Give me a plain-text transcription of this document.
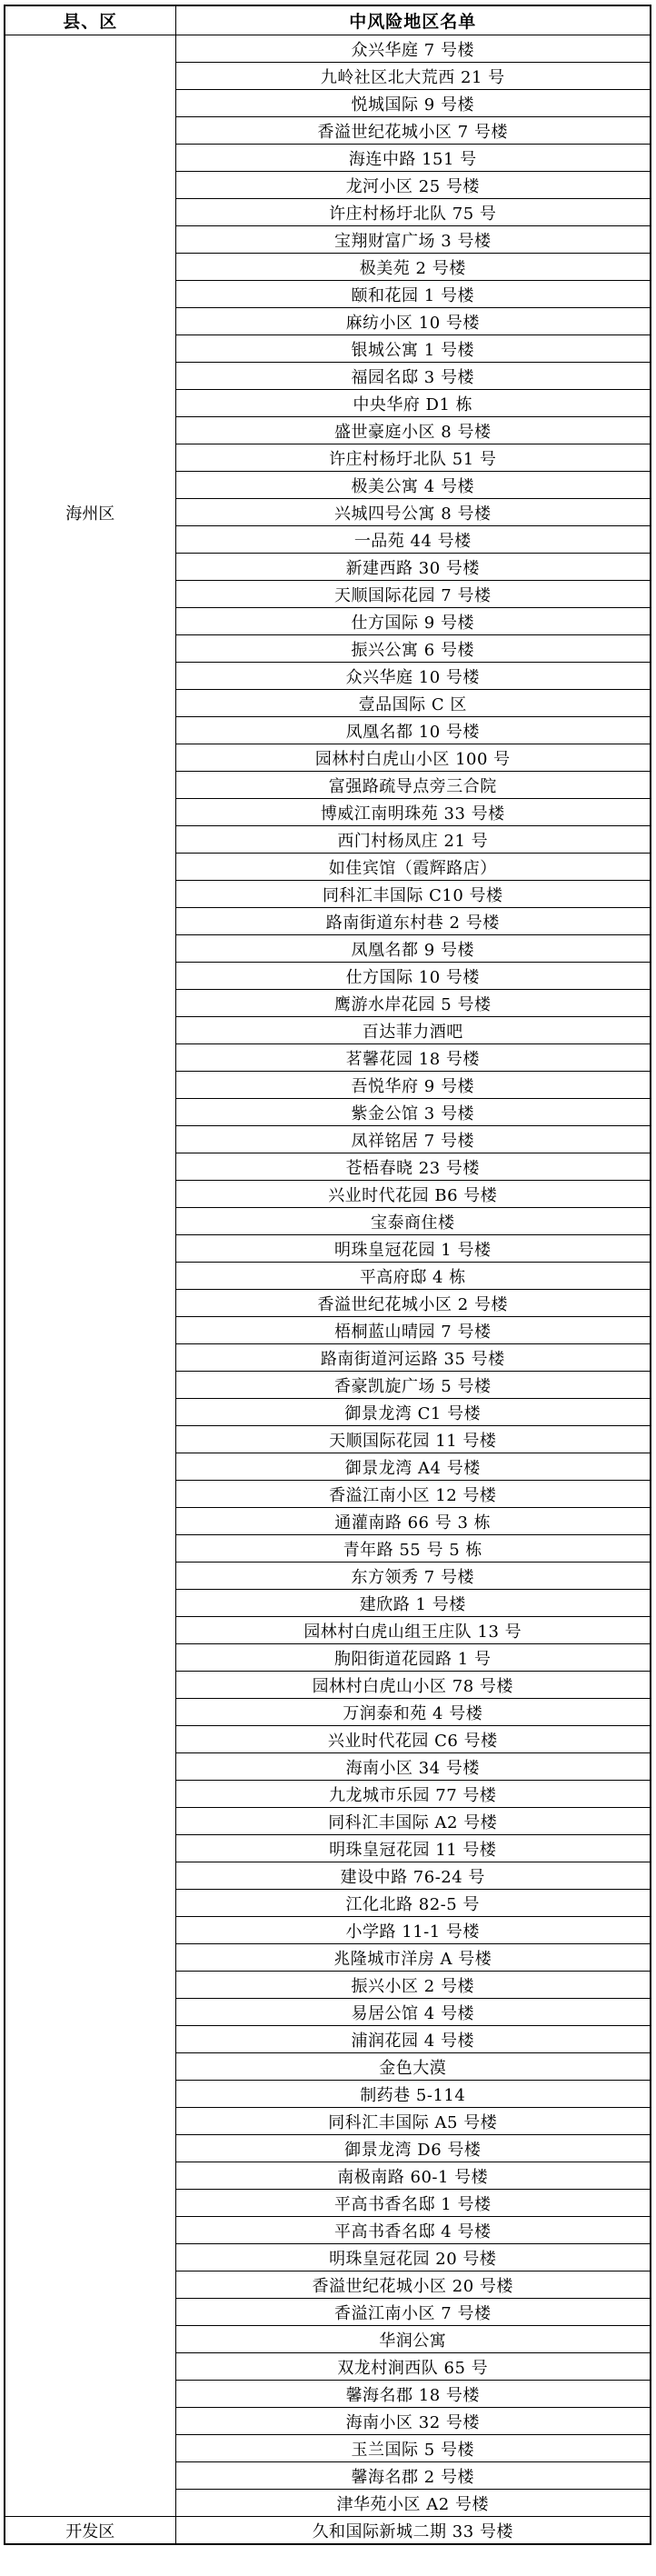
县、区	中风险地区名单
海州区	众兴华庭 7 号楼
	九岭社区北大荒西 21 号
	悦城国际 9 号楼
	香溢世纪花城小区 7 号楼
	海连中路 151 号
	龙河小区 25 号楼
	许庄村杨圩北队 75 号
	宝翔财富广场 3 号楼
	极美苑 2 号楼
	颐和花园 1 号楼
	麻纺小区 10 号楼
	银城公寓 1 号楼
	福园名邸 3 号楼
	中央华府 D1 栋
	盛世豪庭小区 8 号楼
	许庄村杨圩北队 51 号
	极美公寓 4 号楼
	兴城四号公寓 8 号楼
	一品苑 44 号楼
	新建西路 30 号楼
	天顺国际花园 7 号楼
	仕方国际 9 号楼
	振兴公寓 6 号楼
	众兴华庭 10 号楼
	壹品国际 C 区
	凤凰名都 10 号楼
	园林村白虎山小区 100 号
	富强路疏导点旁三合院
	博威江南明珠苑 33 号楼
	西门村杨凤庄 21 号
	如佳宾馆（霞辉路店）
	同科汇丰国际 C10 号楼
	路南街道东村巷 2 号楼
	凤凰名都 9 号楼
	仕方国际 10 号楼
	鹰游水岸花园 5 号楼
	百达菲力酒吧
	茗馨花园 18 号楼
	吾悦华府 9 号楼
	紫金公馆 3 号楼
	凤祥铭居 7 号楼
	苍梧春晓 23 号楼
	兴业时代花园 B6 号楼
	宝泰商住楼
	明珠皇冠花园 1 号楼
	平高府邸 4 栋
	香溢世纪花城小区 2 号楼
	梧桐蓝山晴园 7 号楼
	路南街道河运路 35 号楼
	香豪凯旋广场 5 号楼
	御景龙湾 C1 号楼
	天顺国际花园 11 号楼
	御景龙湾 A4 号楼
	香溢江南小区 12 号楼
	通灌南路 66 号 3 栋
	青年路 55 号 5 栋
	东方领秀 7 号楼
	建欣路 1 号楼
	园林村白虎山组王庄队 13 号
	朐阳街道花园路 1 号
	园林村白虎山小区 78 号楼
	万润泰和苑 4 号楼
	兴业时代花园 C6 号楼
	海南小区 34 号楼
	九龙城市乐园 77 号楼
	同科汇丰国际 A2 号楼
	明珠皇冠花园 11 号楼
	建设中路 76-24 号
	江化北路 82-5 号
	小学路 11-1 号楼
	兆隆城市洋房 A 号楼
	振兴小区 2 号楼
	易居公馆 4 号楼
	浦润花园 4 号楼
	金色大漠
	制药巷 5-114
	同科汇丰国际 A5 号楼
	御景龙湾 D6 号楼
	南极南路 60-1 号楼
	平高书香名邸 1 号楼
	平高书香名邸 4 号楼
	明珠皇冠花园 20 号楼
	香溢世纪花城小区 20 号楼
	香溢江南小区 7 号楼
	华润公寓
	双龙村涧西队 65 号
	馨海名郡 18 号楼
	海南小区 32 号楼
	玉兰国际 5 号楼
	馨海名郡 2 号楼
	津华苑小区 A2 号楼
开发区	久和国际新城二期 33 号楼
